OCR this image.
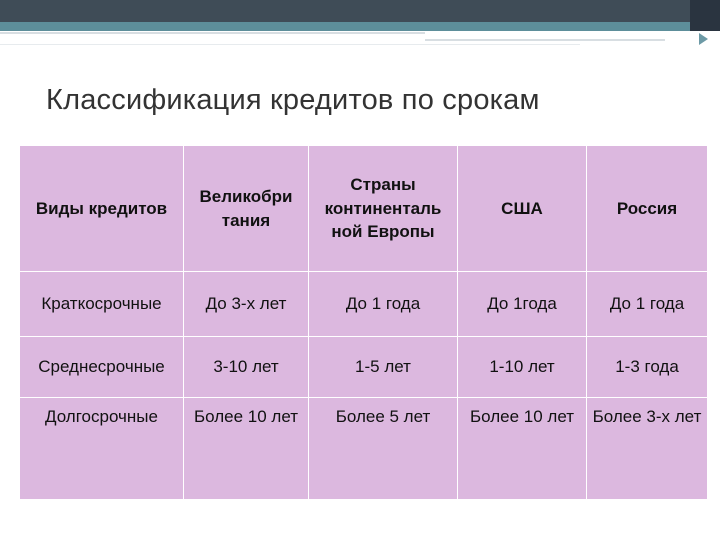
Классификация кредитов по срокам
Виды кредитов	Великобри тания	Страны континенталь ной Европы	США	Россия
Краткосрочные	До 3-х лет	До 1 года	До 1года	До 1 года
Среднесрочные	3-10 лет	1-5 лет	1-10 лет	1-3 года
Долгосрочные	Более 10 лет	Более 5 лет	Более 10 лет	Более 3-х лет
